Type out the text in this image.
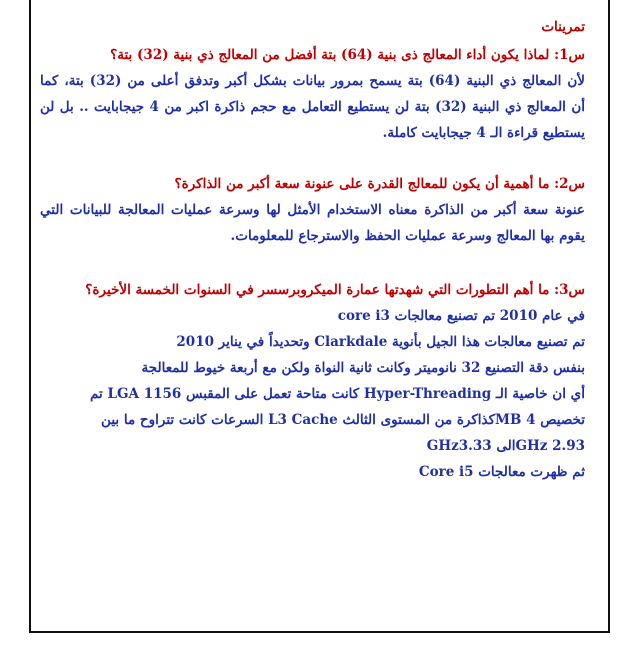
تمرينات
س1: لماذا يكون أداء المعالج ذى بنية (64) بتة أفضل من المعالج ذي بنية (32) بتة؟
لأن المعالج ذي البنية (64) بتة يسمح بمرور بيانات بشكل أكبر وتدفق أعلى من (32) بتة، كما
أن المعالج ذي البنية (32) بتة لن يستطيع التعامل مع حجم ذاكرة اكبر من 4 جيجابايت .. بل لن
يستطيع قراءة الـ 4 جيجابايت كاملة.
س2: ما أهمية أن يكون للمعالج القدرة على عنونة سعة أكبر من الذاكرة؟
عنونة سعة أكبر من الذاكرة معناه الاستخدام الأمثل لها وسرعة عمليات المعالجة للبيانات التي
يقوم بها المعالج وسرعة عمليات الحفظ والاسترجاع للمعلومات.
س3: ما أهم التطورات التي شهدتها عمارة الميكروبرسسر في السنوات الخمسة الأخيرة؟
في عام 2010 تم تصنيع معالجات core i3
تم تصنيع معالجات هذا الجيل بأنوية Clarkdale وتحديداً في يناير 2010
بنفس دقة التصنيع 32 نانوميتر وكانت ثانية النواة ولكن مع أربعة خيوط للمعالجة
أي ان خاصية الـ Hyper-Threading كانت متاحة تعمل على المقبس LGA 1156 تم
تخصيص MB 4كذاكرة من المستوى الثالث L3 Cache السرعات كانت تتراوح ما بين
GHz 2.93الى GHz3.33
ثم ظهرت معالجات Core i5
